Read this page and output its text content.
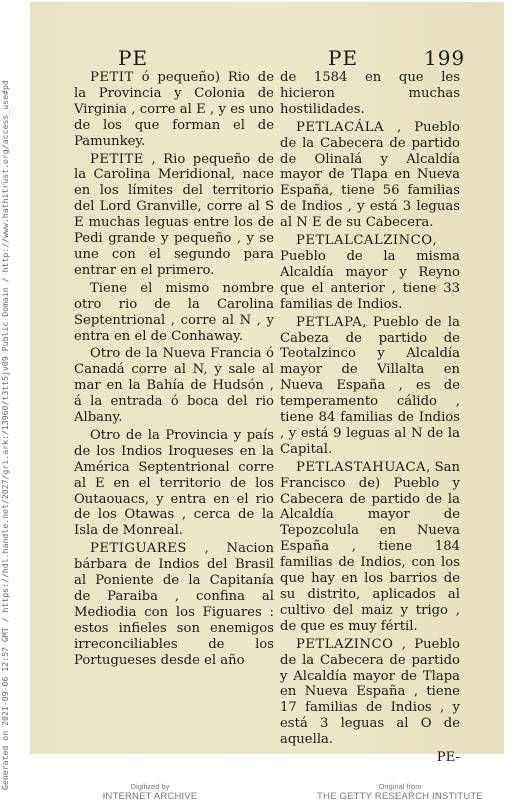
Generated on 2021-09-06 12:57 GMT / https://hdl.handle.net/2027/gri.ark:/13960/t3tt5jv09 Public Domain / http://www.hathitrust.org/access_use#pd
PE	PE	199

PETIT ó pequeño) Rio de la Provincia y Colonia de Virginia , corre al E , y es uno de los que forman el de Pamunkey.

PETITE , Rio pequeño de la Carolina Meridional, nace en los límites del territorio del Lord Granville, corre al S E muchas leguas entre los de Pedi grande y pequeño , y se une con el segundo para entrar en el primero.

Tiene el mismo nombre otro rio de la Carolina Septentrional , corre al N , y entra en el de Conhaway.

Otro de la Nueva Francia ó Canadá corre al N, y sale al mar en la Bahía de Hudsón , á la entrada ó boca del rio Albany.

Otro de la Provincia y país de los Indios Iroqueses en la América Septentrional corre al E en el territorio de los Outaouacs, y entra en el rio de los Otawas , cerca de la Isla de Monreal.

PETIGUARES , Nacion bárbara de Indios del Brasil al Poniente de la Capitanía de Paraiba , confina al Mediodia con los Figuares : estos infieles son enemigos irreconciliables de los Portugueses desde el año

de 1584 en que les hicieron muchas hostilidades.

PETLACÁLA , Pueblo de la Cabecera de partido de Olinalá y Alcaldía mayor de Tlapa en Nueva España, tiene 56 familias de Indios , y está 3 leguas al N E de su Cabecera.

PETLALCALZINCO, Pueblo de la misma Alcaldía mayor y Reyno que el anterior , tiene 33 familias de Indios.

PETLAPA, Pueblo de la Cabeza de partido de Teotalzinco y Alcaldía mayor de Villalta en Nueva España , es de temperamento cálido , tiene 84 familias de Indios , y está 9 leguas al N de la Capital.

PETLASTAHUACA, San Francisco de) Pueblo y Cabecera de partido de la Alcaldía mayor de Tepozcolula en Nueva España , tiene 184 familias de Indios, con los que hay en los barrios de su distrito, aplicados al cultivo del maiz y trigo , de que es muy fértil.

PETLAZINCO , Pueblo de la Cabecera de partido y Alcaldía mayor de Tlapa en Nueva España , tiene 17 familias de Indios , y está 3 leguas al O de aquella.

PE-
Digitized by
INTERNET ARCHIVE
Original from
THE GETTY RESEARCH INSTITUTE
